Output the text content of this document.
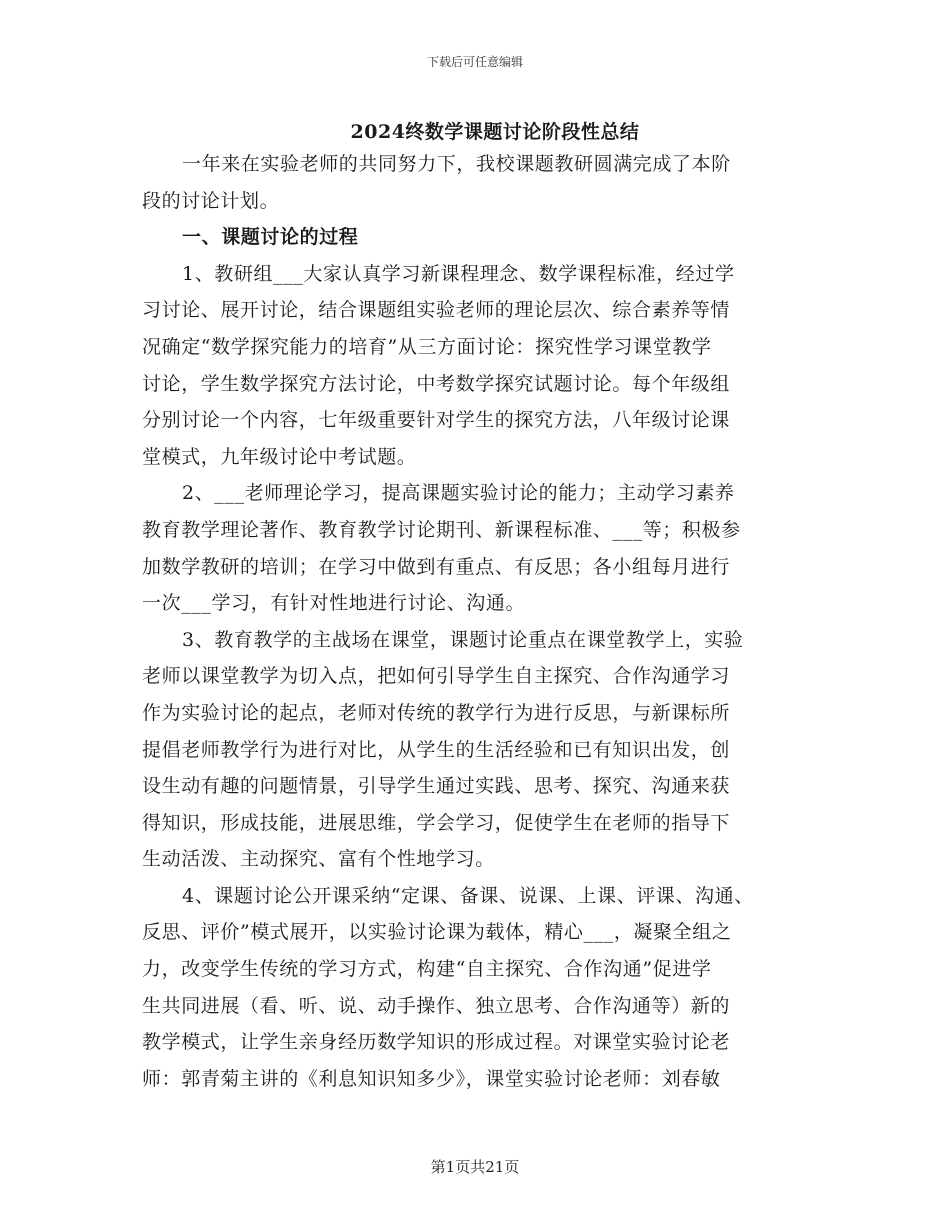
下载后可任意编辑
2024终数学课题讨论阶段性总结
一年来在实验老师的共同努力下，我校课题教研圆满完成了本阶
段的讨论计划。
一、课题讨论的过程
1、教研组___大家认真学习新课程理念、数学课程标准，经过学
习讨论、展开讨论，结合课题组实验老师的理论层次、综合素养等情
况确定“数学探究能力的培育”从三方面讨论：探究性学习课堂教学
讨论，学生数学探究方法讨论，中考数学探究试题讨论。每个年级组
分别讨论一个内容，七年级重要针对学生的探究方法，八年级讨论课
堂模式，九年级讨论中考试题。
2、___老师理论学习，提高课题实验讨论的能力；主动学习素养
教育教学理论著作、教育教学讨论期刊、新课程标准、___等；积极参
加数学教研的培训；在学习中做到有重点、有反思；各小组每月进行
一次___学习，有针对性地进行讨论、沟通。
3、教育教学的主战场在课堂，课题讨论重点在课堂教学上，实验
老师以课堂教学为切入点，把如何引导学生自主探究、合作沟通学习
作为实验讨论的起点，老师对传统的教学行为进行反思，与新课标所
提倡老师教学行为进行对比，从学生的生活经验和已有知识出发，创
设生动有趣的问题情景，引导学生通过实践、思考、探究、沟通来获
得知识，形成技能，进展思维，学会学习，促使学生在老师的指导下
生动活泼、主动探究、富有个性地学习。
4、课题讨论公开课采纳“定课、备课、说课、上课、评课、沟通、
反思、评价”模式展开，以实验讨论课为载体，精心___，凝聚全组之
力，改变学生传统的学习方式，构建“自主探究、合作沟通”促进学
生共同进展（看、听、说、动手操作、独立思考、合作沟通等）新的
教学模式，让学生亲身经历数学知识的形成过程。对课堂实验讨论老
师：郭青菊主讲的《利息知识知多少》，课堂实验讨论老师：刘春敏
第1页共21页
